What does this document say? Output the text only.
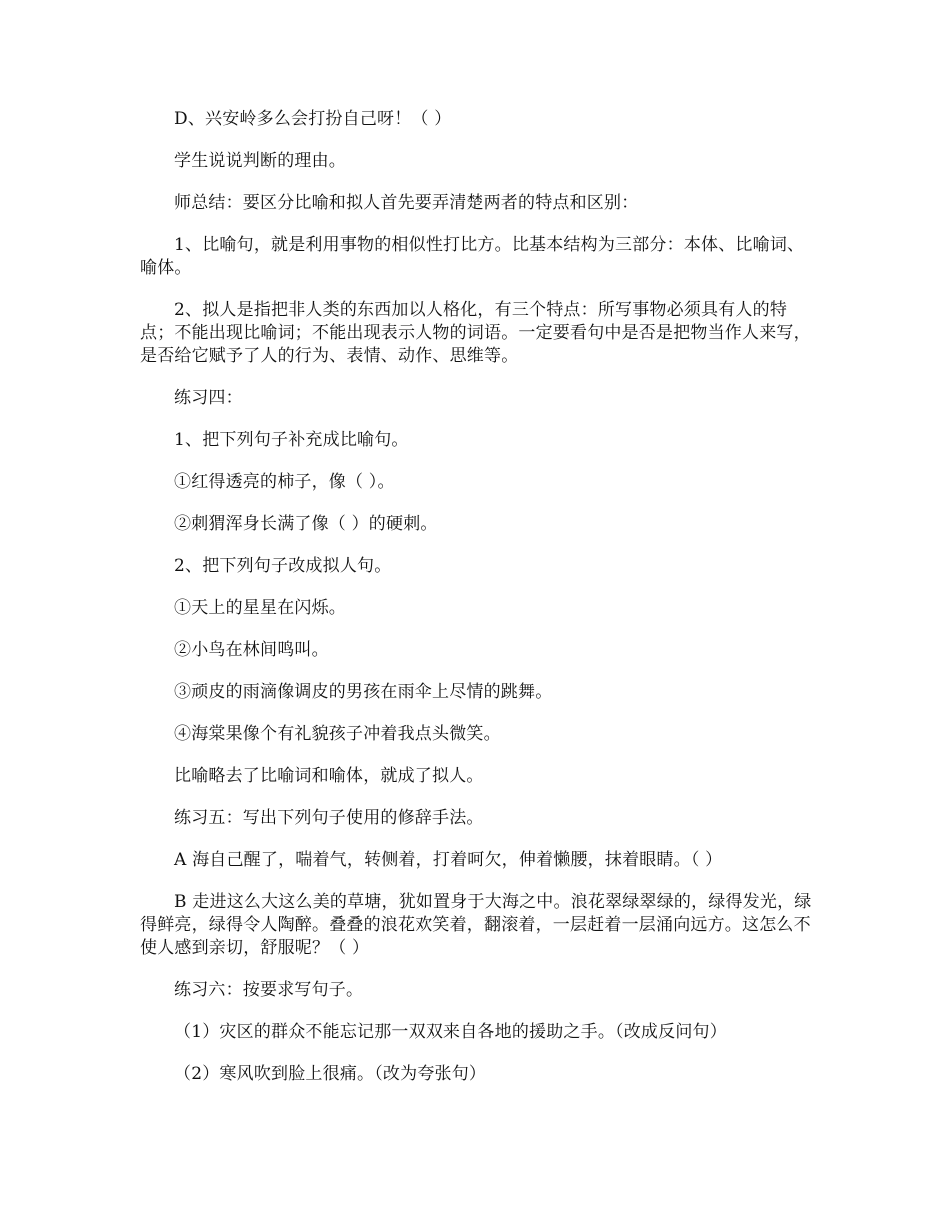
D、兴安岭多么会打扮自己呀！（ ）

学生说说判断的理由。

师总结：要区分比喻和拟人首先要弄清楚两者的特点和区别：

1、比喻句，就是利用事物的相似性打比方。比基本结构为三部分：本体、比喻词、喻体。

2、拟人是指把非人类的东西加以人格化，有三个特点：所写事物必须具有人的特点；不能出现比喻词；不能出现表示人物的词语。一定要看句中是否是把物当作人来写，是否给它赋予了人的行为、表情、动作、思维等。

练习四：

1、把下列句子补充成比喻句。

①红得透亮的柿子，像（ ）。

②刺猬浑身长满了像（ ）的硬刺。

2、把下列句子改成拟人句。

①天上的星星在闪烁。

②小鸟在林间鸣叫。

③顽皮的雨滴像调皮的男孩在雨伞上尽情的跳舞。

④海棠果像个有礼貌孩子冲着我点头微笑。

比喻略去了比喻词和喻体，就成了拟人。

练习五：写出下列句子使用的修辞手法。

A 海自己醒了，喘着气，转侧着，打着呵欠，伸着懒腰，抹着眼睛。（ ）

B 走进这么大这么美的草塘，犹如置身于大海之中。浪花翠绿翠绿的，绿得发光，绿得鲜亮，绿得令人陶醉。叠叠的浪花欢笑着，翻滚着，一层赶着一层涌向远方。这怎么不使人感到亲切，舒服呢？（ ）

练习六：按要求写句子。

（1）灾区的群众不能忘记那一双双来自各地的援助之手。（改成反问句）

（2）寒风吹到脸上很痛。（改为夸张句）
